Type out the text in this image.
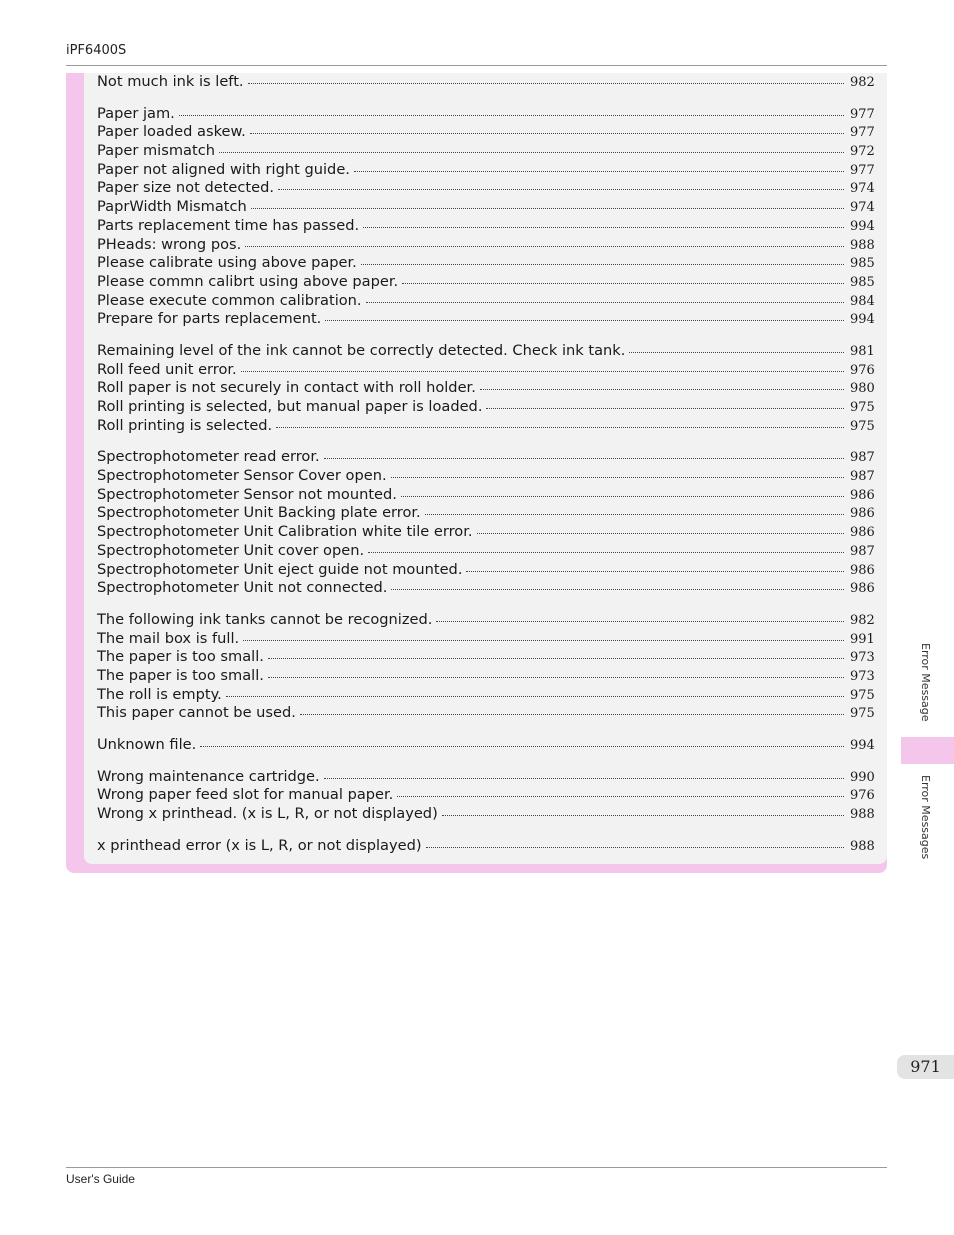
iPF6400S
Not much ink is left.	982
Paper jam.	977
Paper loaded askew.	977
Paper mismatch	972
Paper not aligned with right guide.	977
Paper size not detected.	974
PaprWidth Mismatch	974
Parts replacement time has passed.	994
PHeads: wrong pos.	988
Please calibrate using above paper.	985
Please commn calibrt using above paper.	985
Please execute common calibration.	984
Prepare for parts replacement.	994
Remaining level of the ink cannot be correctly detected. Check ink tank.	981
Roll feed unit error.	976
Roll paper is not securely in contact with roll holder.	980
Roll printing is selected, but manual paper is loaded.	975
Roll printing is selected.	975
Spectrophotometer read error.	987
Spectrophotometer Sensor Cover open.	987
Spectrophotometer Sensor not mounted.	986
Spectrophotometer Unit Backing plate error.	986
Spectrophotometer Unit Calibration white tile error.	986
Spectrophotometer Unit cover open.	987
Spectrophotometer Unit eject guide not mounted.	986
Spectrophotometer Unit not connected.	986
The following ink tanks cannot be recognized.	982
The mail box is full.	991
The paper is too small.	973
The paper is too small.	973
The roll is empty.	975
This paper cannot be used.	975
Unknown file.	994
Wrong maintenance cartridge.	990
Wrong paper feed slot for manual paper.	976
Wrong x printhead. (x is L, R, or not displayed)	988
x printhead error (x is L, R, or not displayed)	988
Error Message
Error Messages
971
User's Guide
